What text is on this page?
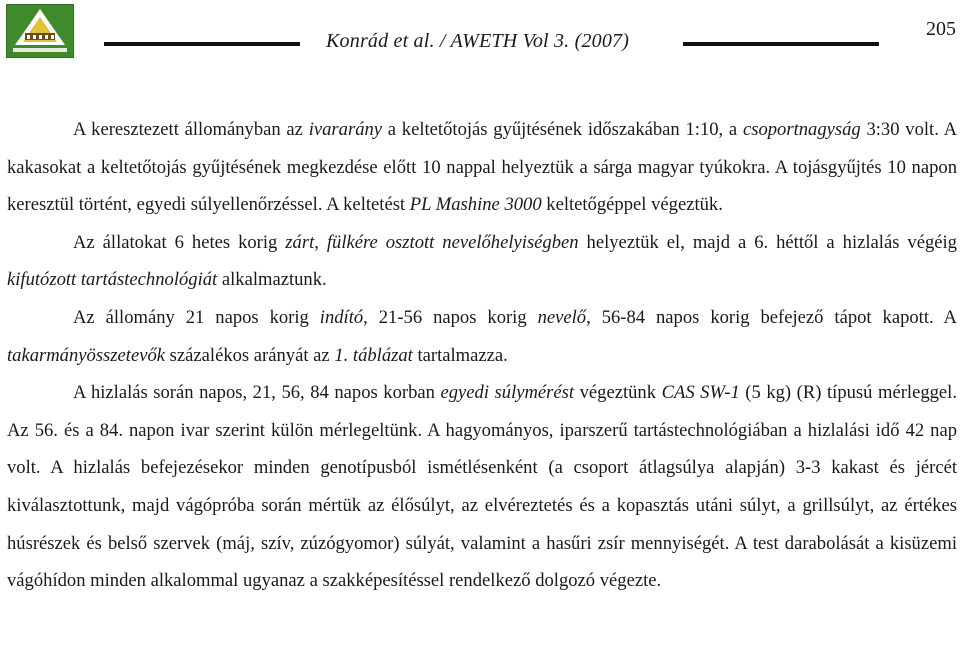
Konrád et al. / AWETH Vol 3. (2007)
205

A keresztezett állományban az ivararány a keltetőtojás gyűjtésének időszakában 1:10, a csoportnagyság 3:30 volt. A kakasokat a keltetőtojás gyűjtésének megkezdése előtt 10 nappal helyeztük a sárga magyar tyúkokra. A tojásgyűjtés 10 napon keresztül történt, egyedi súlyellenőrzéssel. A keltetést PL Mashine 3000 keltetőgéppel végeztük.

Az állatokat 6 hetes korig zárt, fülkére osztott nevelőhelyiségben helyeztük el, majd a 6. héttől a hizlalás végéig kifutózott tartástechnológiát alkalmaztunk.

Az állomány 21 napos korig indító, 21-56 napos korig nevelő, 56-84 napos korig befejező tápot kapott. A takarmányösszetevők százalékos arányát az 1. táblázat tartalmazza.

A hizlalás során napos, 21, 56, 84 napos korban egyedi súlymérést végeztünk CAS SW-1 (5 kg) (R) típusú mérleggel. Az 56. és a 84. napon ivar szerint külön mérlegeltünk. A hagyományos, iparszerű tartástechnológiában a hizlalási idő 42 nap volt. A hizlalás befejezésekor minden genotípusból ismétlésenként (a csoport átlagsúlya alapján) 3-3 kakast és jércét kiválasztottunk, majd vágópróba során mértük az élősúlyt, az elvéreztetés és a kopasztás utáni súlyt, a grillsúlyt, az értékes húsrészek és belső szervek (máj, szív, zúzógyomor) súlyát, valamint a hasűri zsír mennyiségét. A test darabolását a kisüzemi vágóhídon minden alkalommal ugyanaz a szakképesítéssel rendelkező dolgozó végezte.
